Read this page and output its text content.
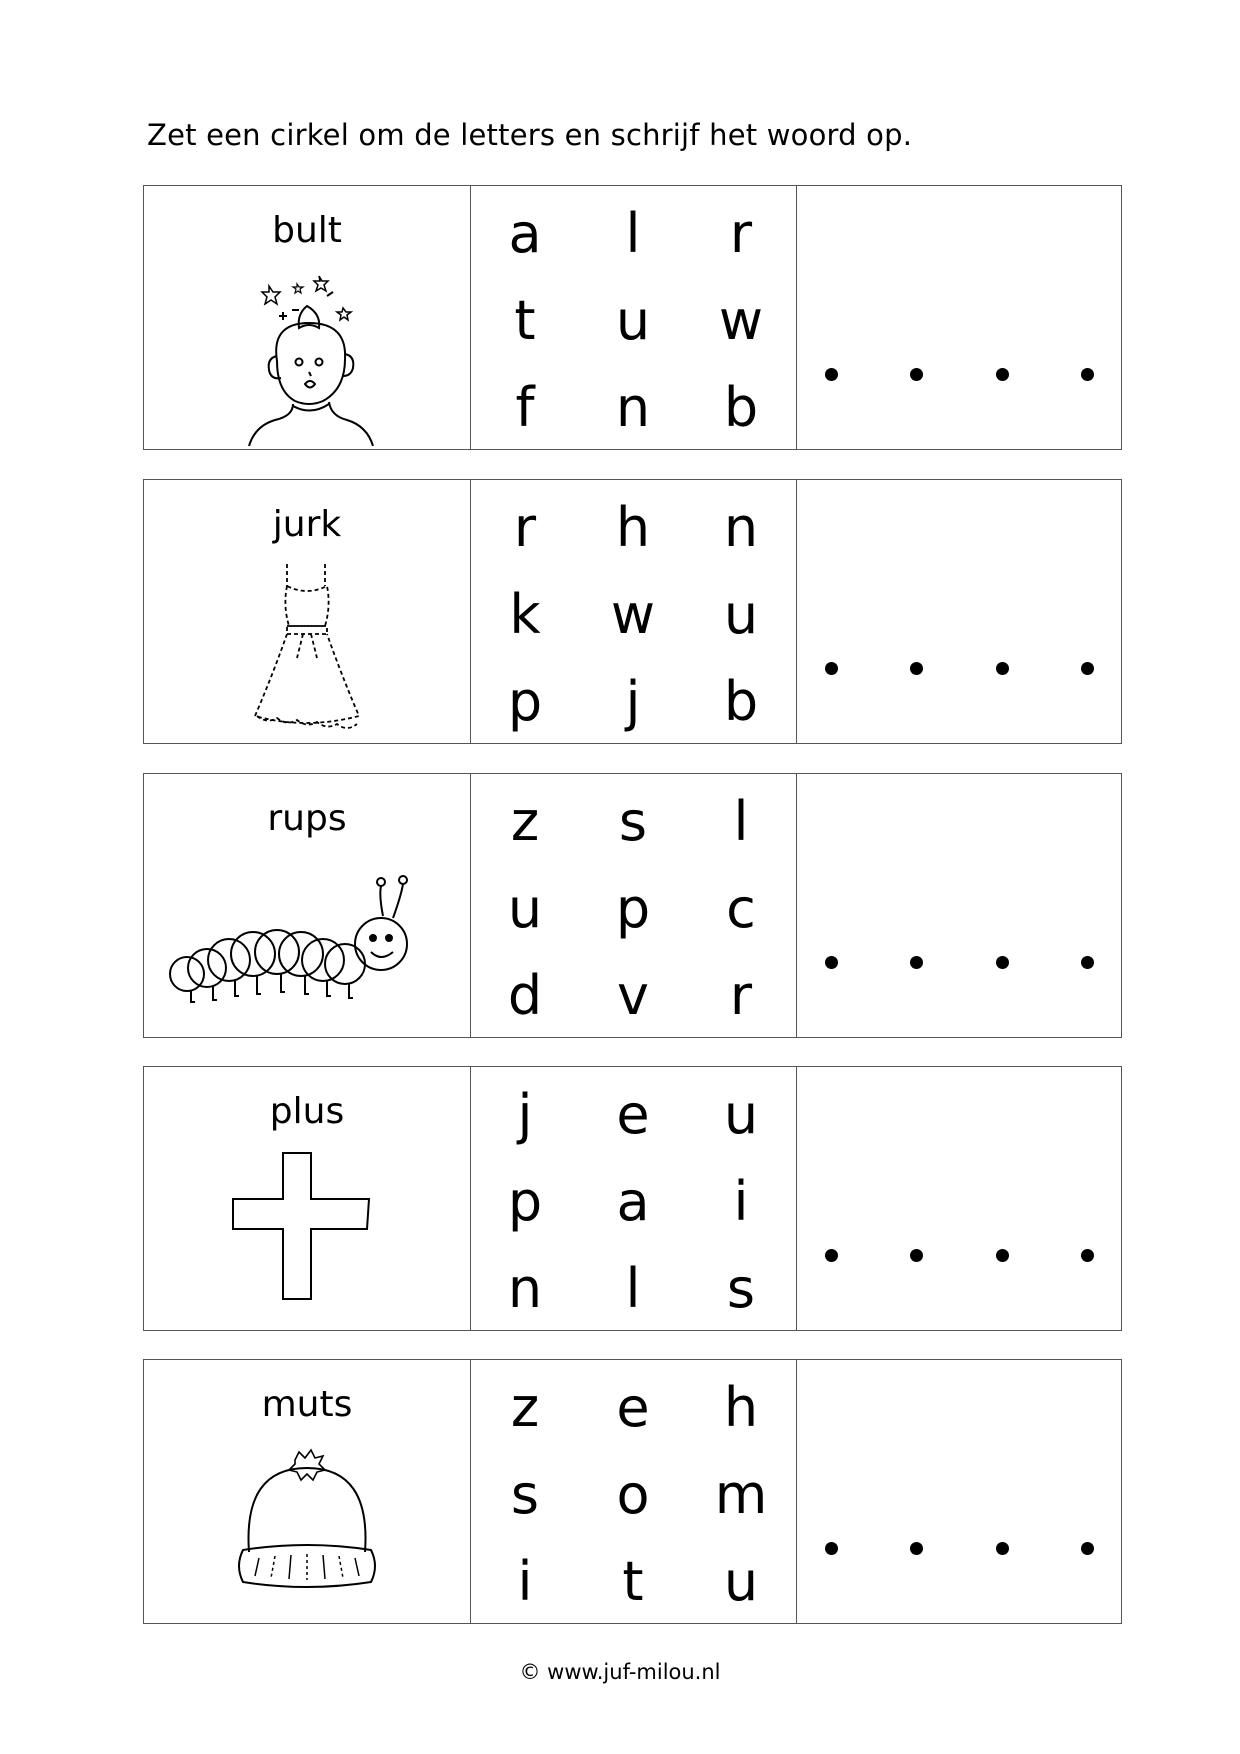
Zet een cirkel om de letters en schrijf het woord op.
bult	a	l	r
t	u	w
f	n	b
jurk	r	h	n
k	w	u
p	j	b
rups	z	s	l
u	p	c
d	v	r
plus	j	e	u
p	a	i
n	l	s
muts	z	e	h
s	o	m
i	t	u
© www.juf-milou.nl
